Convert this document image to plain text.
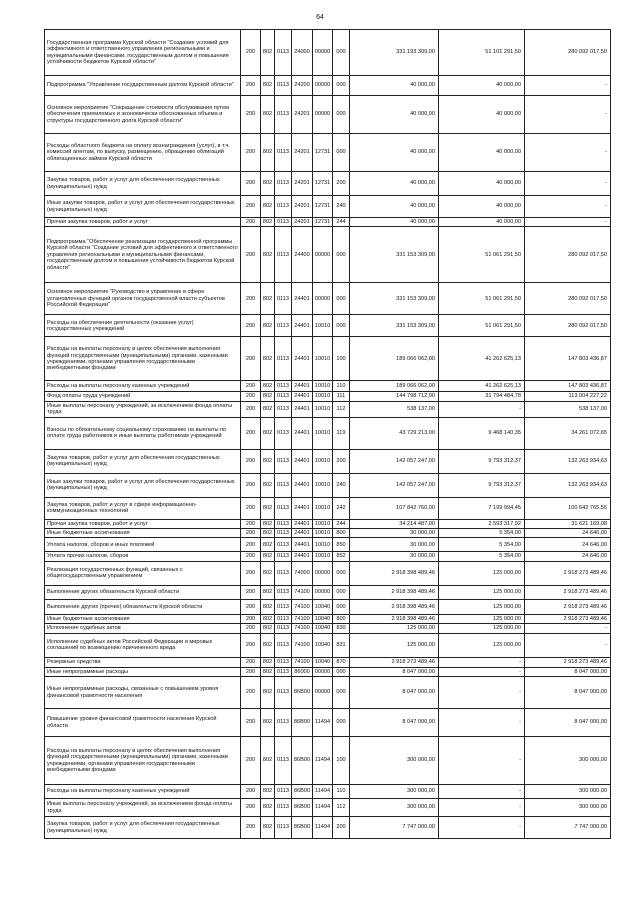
64
Государственная программа Курской области "Создание условий для эффективного и ответственного управления региональными и муниципальными финансами, государственным долгом и повышения устойчивости бюджетов Курской области"	200	802	0113	24000	00000	000	331 193 309,00	51 101 291,50	280 092 017,50
Подпрограмма "Управление государственным долгом Курской области"	200	802	0113	24200	00000	000	40 000,00	40 000,00	-
Основное мероприятие "Сокращение стоимости обслуживания путем обеспечения приемлемых и экономически обоснованных объема и структуры государственного долга Курской области"	200	802	0113	24201	00000	000	40 000,00	40 000,00	-
Расходы областного бюджета на оплату вознаграждения (услуг), в т.ч. комиссий агентам, по выпуску, размещению, обращению облигаций облигационных займов Курской области	200	802	0113	24201	12731	000	40 000,00	40 000,00	-
Закупка товаров, работ и услуг для обеспечения государственных (муниципальных) нужд	200	802	0113	24201	12731	200	40 000,00	40 000,00	-
Иные закупки товаров, работ и услуг для обеспечения государственных (муниципальных) нужд	200	802	0113	24201	12731	240	40 000,00	40 000,00	-
Прочая закупка товаров, работ и услуг	200	802	0113	24201	12731	244	40 000,00	40 000,00	-
Подпрограмма "Обеспечение реализации государственной программы Курской области "Создание условий для эффективного и ответственного управления региональными и муниципальными финансами, государственным долгом и повышения устойчивости бюджетов Курской области"	200	802	0113	24400	00000	000	331 153 309,00	51 061 291,50	280 092 017,50
Основное мероприятие "Руководство и управление в сфере установленных функций органов государственной власти субъектов Российской Федерации"	200	802	0113	24401	00000	000	331 153 309,00	51 061 291,50	280 092 017,50
Расходы на обеспечение деятельности (оказание услуг) государственных учреждений	200	802	0113	24401	10010	000	331 153 309,00	51 061 291,50	280 092 017,50
Расходы на выплаты персоналу в целях обеспечения выполнения функций государственными (муниципальными) органами, казенными учреждениями, органами управления государственными внебюджетными фондами	200	802	0113	24401	10010	100	189 066 062,00	41 262 625,13	147 803 436,87
Расходы на выплаты персоналу казенных учреждений	200	802	0113	24401	10010	110	189 066 062,00	41 262 625,13	147 803 436,87
Фонд оплаты труда учреждений	200	802	0113	24401	10010	111	144 798 712,00	31 794 484,78	113 004 227,22
Иные выплаты персоналу учреждений, за исключением фонда оплаты труда	200	802	0113	24401	10010	112	538 137,00	-	538 137,00
Взносы по обязательному социальному страхованию на выплаты по оплате труда работников и иные выплаты работникам учреждений	200	802	0113	24401	10010	119	43 729 213,00	9 468 140,35	34 261 072,65
Закупка товаров, работ и услуг для обеспечения государственных (муниципальных) нужд	200	802	0113	24401	10010	200	142 057 247,00	9 793 312,37	132 263 934,63
Иные закупки товаров, работ и услуг для обеспечения государственных (муниципальных) нужд	200	802	0113	24401	10010	240	142 057 247,00	9 793 312,37	132 263 934,63
Закупка товаров, работ и услуг в сфере информационно-коммуникационных технологий	200	802	0113	24401	10010	242	107 842 760,00	7 199 994,45	100 642 765,55
Прочая закупка товаров, работ и услуг	200	802	0113	24401	10010	244	34 214 487,00	2 593 317,92	31 621 169,08
Иные бюджетные ассигнования	200	802	0113	24401	10010	800	30 000,00	5 354,00	24 646,00
Уплата налогов, сборов и иных платежей	200	802	0113	24401	10010	850	30 000,00	5 354,00	24 646,00
Уплата прочих налогов, сборов	200	802	0113	24401	10010	852	30 000,00	5 354,00	24 646,00
Реализация государственных функций, связанных с общегосударственным управлением	200	802	0113	74000	00000	000	2 918 398 489,46	125 000,00	2 918 273 489,46
Выполнение других обязательств Курской области	200	802	0113	74100	00000	000	2 918 398 489,46	125 000,00	2 918 273 489,46
Выполнение других (прочих) обязательств Курской области	200	802	0113	74100	10040	000	2 918 398 489,46	125 000,00	2 918 273 489,46
Иные бюджетные ассигнования	200	802	0113	74100	10040	800	2 918 398 489,46	125 000,00	2 918 273 489,46
Исполнение судебных актов	200	802	0113	74100	10040	830	125 000,00	125 000,00	-
Исполнение судебных актов Российской Федерации и мировых соглашений по возмещению причиненного вреда	200	802	0113	74100	10040	831	125 000,00	125 000,00	-
Резервные средства	200	802	0113	74100	10040	870	2 918 273 489,46	-	2 918 273 489,46
Иные непрограммные расходы	200	802	0113	86000	00000	000	8 047 000,00	-	8 047 000,00
Иные непрограммные расходы, связанные с повышением уровня финансовой грамотности населения	200	802	0113	86B00	00000	000	8 047 000,00	-	8 047 000,00
Повышение уровня финансовой грамотности населения Курской области	200	802	0113	86B00	11494	000	8 047 000,00	-	8 047 000,00
Расходы на выплаты персоналу в целях обеспечения выполнения функций государственными (муниципальными) органами, казенными учреждениями, органами управления государственными внебюджетными фондами	200	802	0113	86B00	11494	100	300 000,00	-	300 000,00
Расходы на выплаты персоналу казенных учреждений	200	802	0113	86B00	11494	110	300 000,00	-	300 000,00
Иные выплаты персоналу учреждений, за исключением фонда оплаты труда	200	802	0113	86B00	11494	112	300 000,00	-	300 000,00
Закупка товаров, работ и услуг для обеспечения государственных (муниципальных) нужд	200	802	0113	86B00	11494	200	7 747 000,00	-	7 747 000,00
